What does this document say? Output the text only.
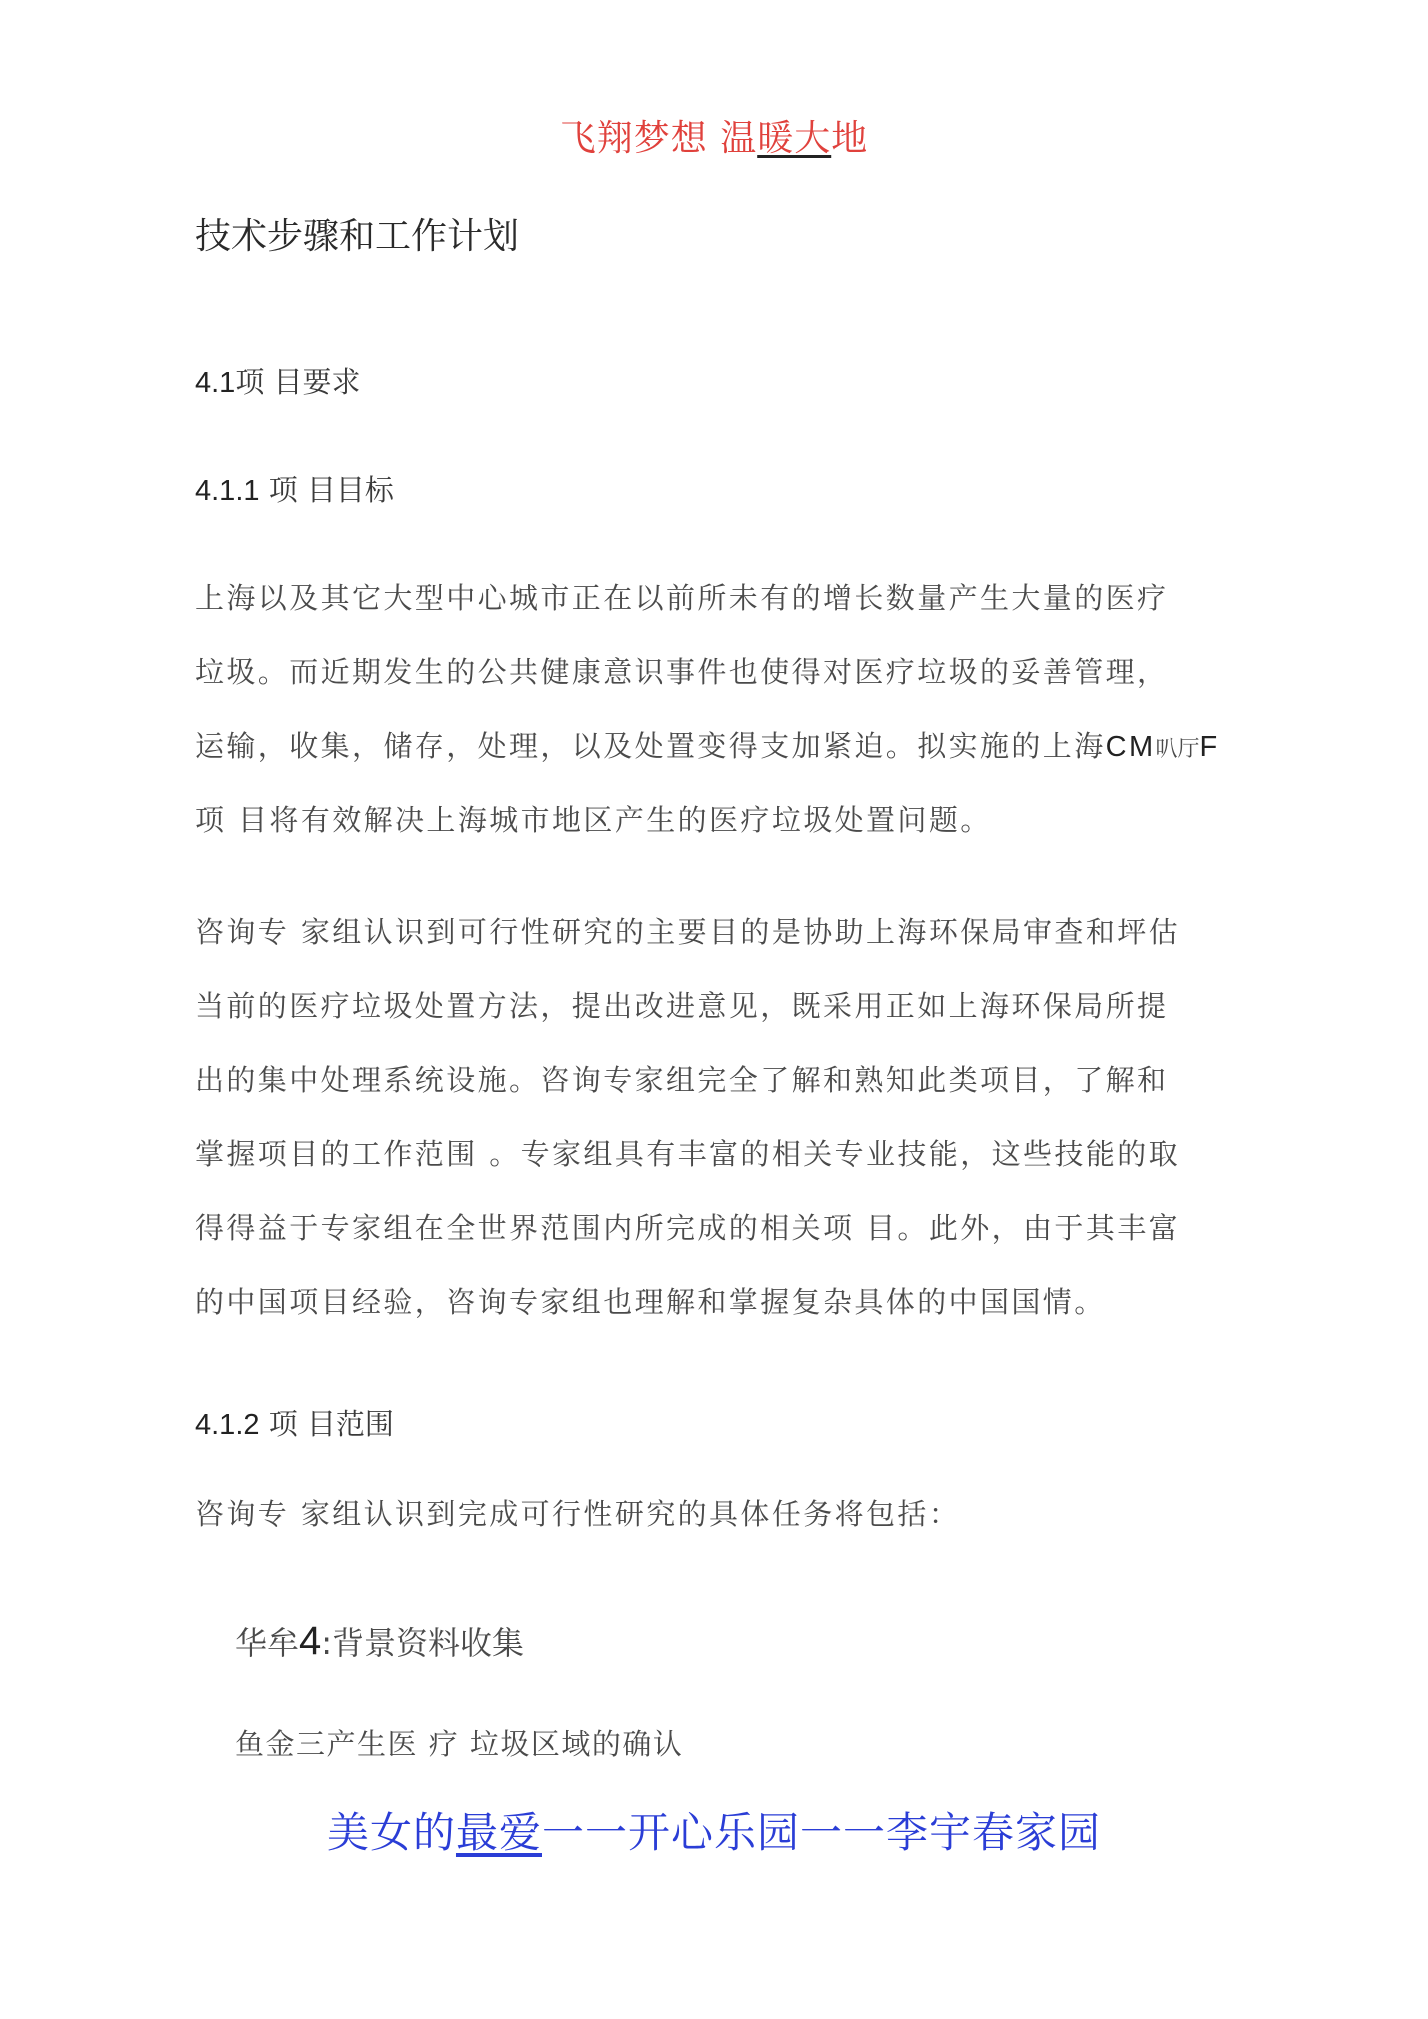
飞翔梦想 温暖大地
技术步骤和工作计划
4.1项 目要求
4.1.1 项 目目标
上海以及其它大型中心城市正在以前所未有的增长数量产生大量的医疗
垃圾。而近期发生的公共健康意识事件也使得对医疗垃圾的妥善管理，
运输，收集，储存，处理，以及处置变得支加紧迫。拟实施的上海CM叭厅F
项 目将有效解决上海城市地区产生的医疗垃圾处置问题。
咨询专 家组认识到可行性研究的主要目的是协助上海环保局审查和坪估
当前的医疗垃圾处置方法，提出改进意见，既采用正如上海环保局所提
出的集中处理系统设施。咨询专家组完全了解和熟知此类项目，了解和
掌握项目的工作范围 。专家组具有丰富的相关专业技能，这些技能的取
得得益于专家组在全世界范围内所完成的相关项 目。此外，由于其丰富
的中国项目经验，咨询专家组也理解和掌握复杂具体的中国国情。
4.1.2 项 目范围
咨询专 家组认识到完成可行性研究的具体任务将包括：
华牟4:背景资料收集
鱼金三产生医 疗 垃圾区域的确认
美女的最爱一一开心乐园一一李宇春家园
